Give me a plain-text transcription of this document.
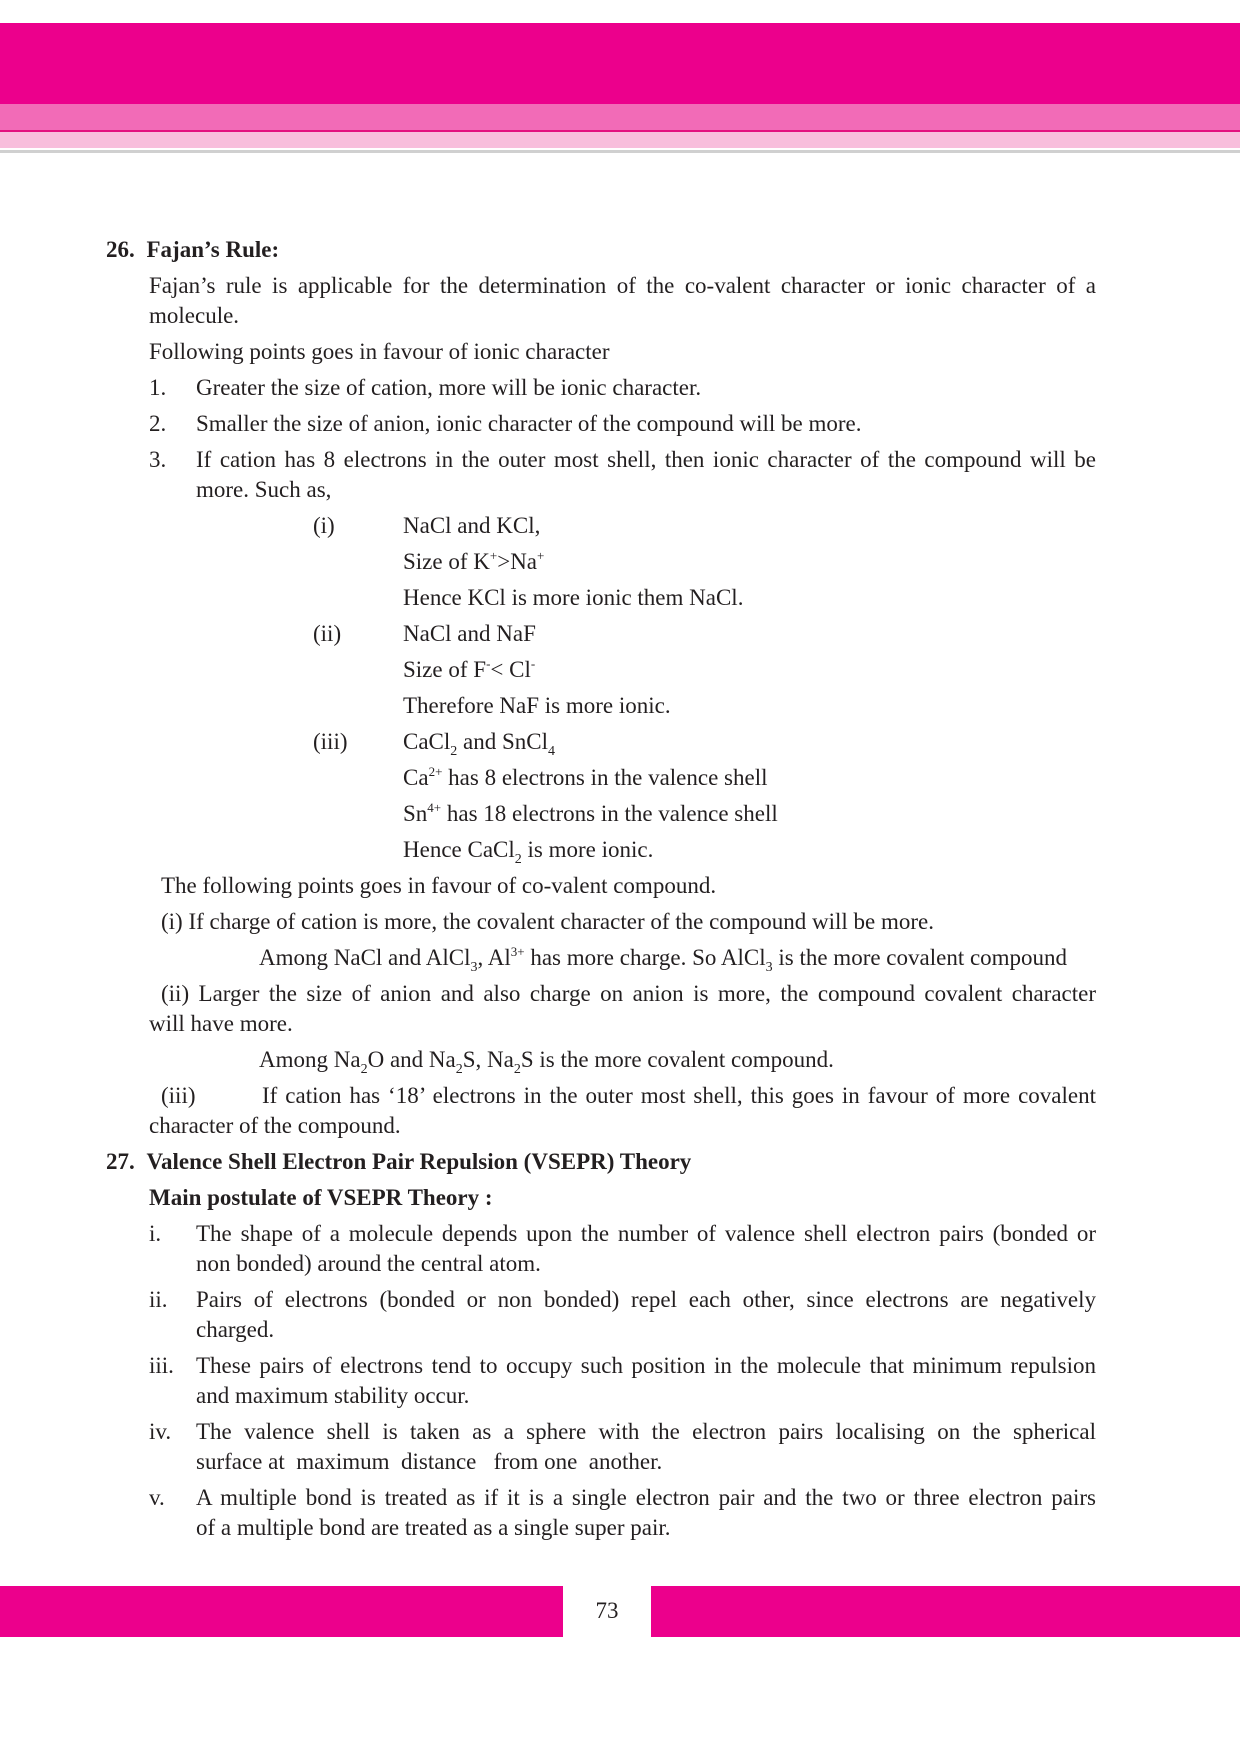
26. Fajan’s Rule:
Fajan’s rule is applicable for the determination of the co-valent character or ionic character of a
molecule.
Following points goes in favour of ionic character
1. Greater the size of cation, more will be ionic character.
2. Smaller the size of anion, ionic character of the compound will be more.
3. If cation has 8 electrons in the outer most shell, then ionic character of the compound will be
more. Such as,
(i)	NaCl and KCl,
Size of K+>Na+
Hence KCl is more ionic them NaCl.
(ii)	NaCl and NaF
Size of F-< Cl-
Therefore NaF is more ionic.
(iii) CaCl$_2$ and SnCl$_4$
$Ca^{2+}$ has 8 electrons in the valence shell
$Sn^{4+}$ has 18 electrons in the valence shell
Hence CaCl$_2$ is more ionic.
The following points goes in favour of co-valent compound.
(i) If charge of cation is more, the covalent character of the compound will be more.
Among NaCl and AlCl$_3$, $Al^{3+}$ has more charge. So AlCl$_3$ is the more covalent compound
(ii) Larger the size of anion and also charge on anion is more, the compound covalent character
will have more.
Among $Na_2O$ and $Na_2S$, $Na_2S$ is the more covalent compound.
(iii)	If cation has ‘18’ electrons in the outer most shell, this goes in favour of more covalent
character of the compound.
27. Valence Shell Electron Pair Repulsion (VSEPR) Theory
Main postulate of VSEPR Theory :
i. The shape of a molecule depends upon the number of valence shell electron pairs (bonded or
non bonded) around the central atom.
ii. Pairs of electrons (bonded or non bonded) repel each other, since electrons are negatively
charged.
iii. These pairs of electrons tend to occupy such position in the molecule that minimum repulsion
and maximum stability occur.
iv. The valence shell is taken as a sphere with the electron pairs localising on the spherical
surface at  maximum  distance   from one  another.
v. A multiple bond is treated as if it is a single electron pair and the two or three electron pairs
of a multiple bond are treated as a single super pair.
73
